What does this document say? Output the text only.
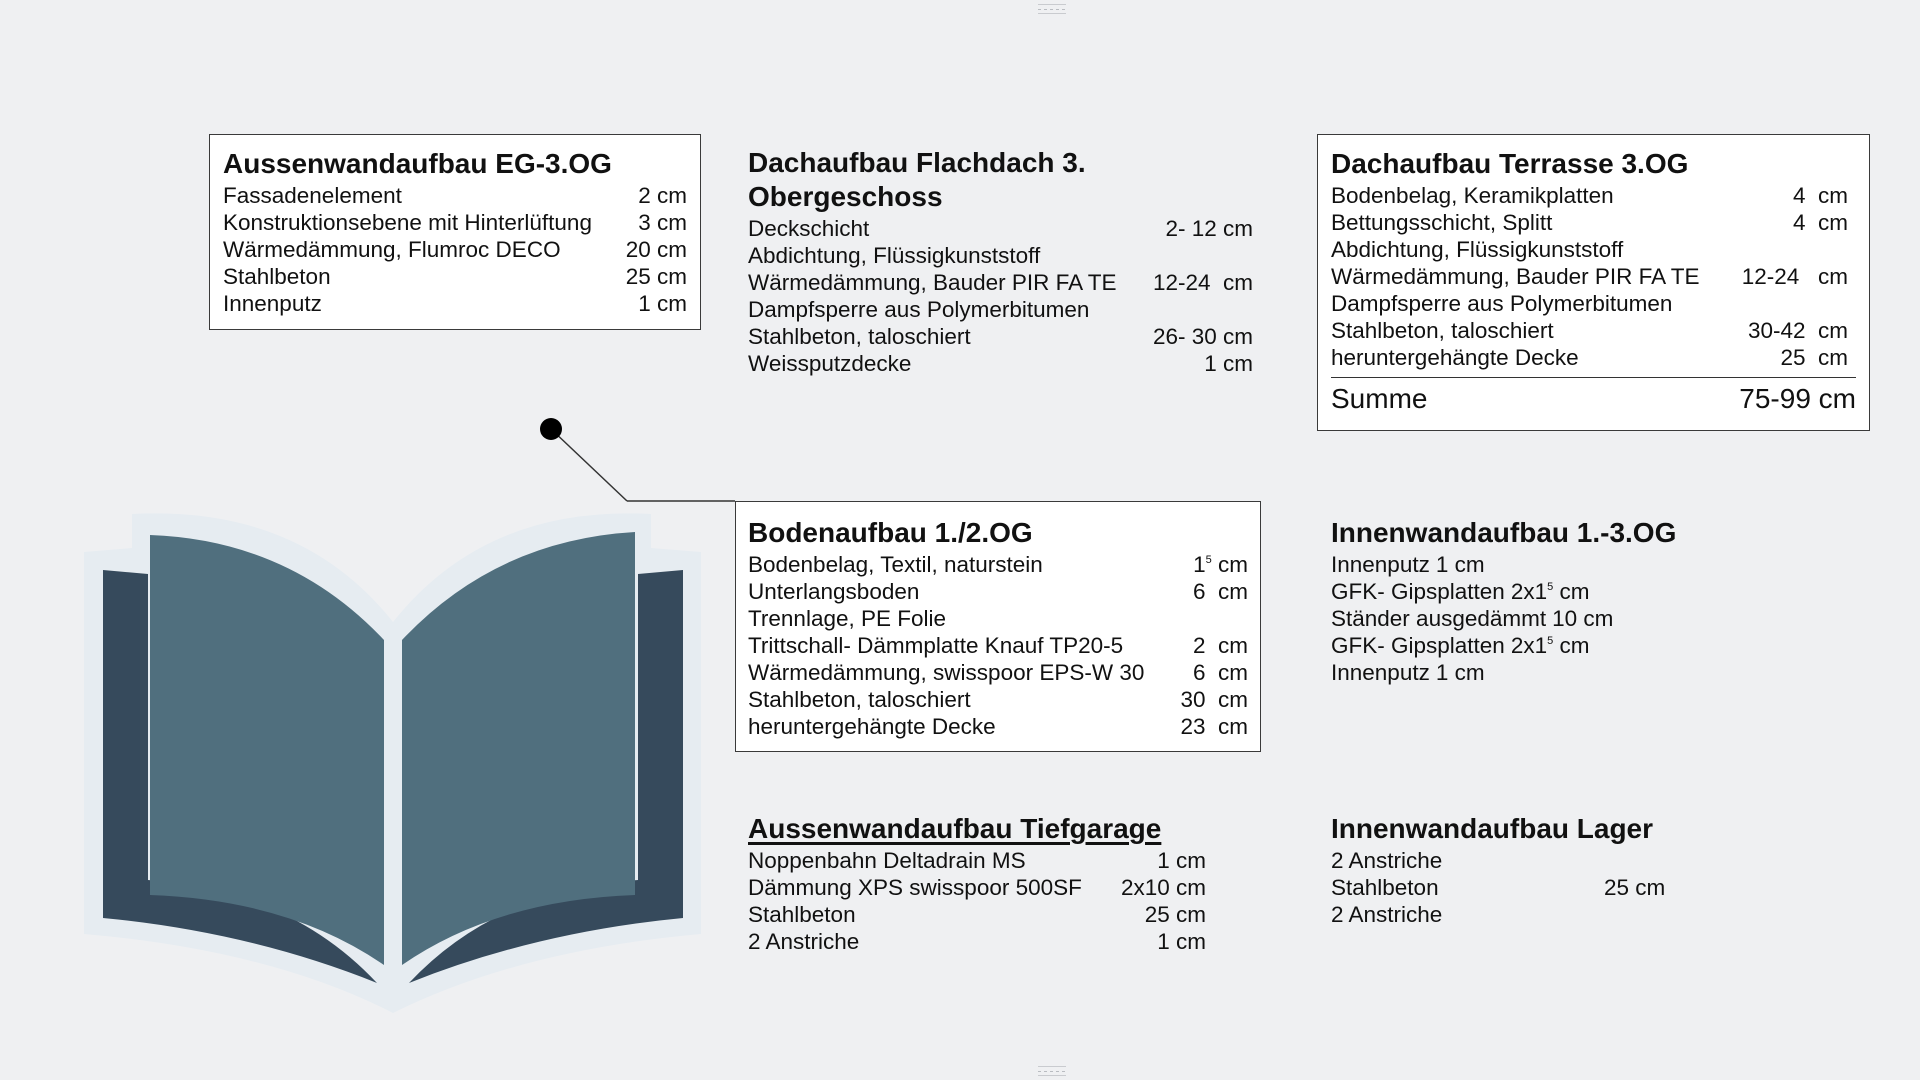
Aussenwandaufbau EG-3.OG
Fassadenelement	2 cm
Konstruktionsebene mit Hinterlüftung 3 cm
Wärmedämmung, Flumroc DECO	20 cm
Stahlbeton	25 cm
Innenputz	1 cm
Dachaufbau Flachdach 3. Obergeschoss
Deckschicht	2- 12 cm
Abdichtung, Flüssigkunststoff
Wärmedämmung, Bauder PIR FA TE 12-24  cm
Dampfsperre aus Polymerbitumen
Stahlbeton, taloschiert	26- 30 cm
Weissputzdecke	1 cm
Dachaufbau Terrasse 3.OG
Bodenbelag, Keramikplatten	4  cm
Bettungsschicht, Splitt	4  cm
Abdichtung, Flüssigkunststoff
Wärmedämmung, Bauder PIR FA TE 12-24   cm
Dampfsperre aus Polymerbitumen
Stahlbeton, taloschiert	30-42  cm
heruntergehängte Decke	25  cm
Summe	75-99 cm
Bodenaufbau 1./2.OG
Bodenbelag, Textil, naturstein	$1^5$ cm
Unterlangsboden	6  cm
Trennlage, PE Folie
Trittschall- Dämmplatte Knauf TP20-5	2  cm
Wärmedämmung, swisspoor EPS-W 30 6  cm
Stahlbeton, taloschiert	30  cm
heruntergehängte Decke	23  cm
Innenwandaufbau 1.-3.OG
Innenputz 1 cm
GFK- Gipsplatten $2x1^5$ cm
Ständer ausgedämmt 10 cm
GFK- Gipsplatten $2x1^5$ cm
Innenputz 1 cm
Aussenwandaufbau Tiefgarage
Noppenbahn Deltadrain MS	1 cm
Dämmung XPS swisspoor 500SF 2x10 cm
Stahlbeton	25 cm
2 Anstriche	1 cm
Innenwandaufbau Lager
2 Anstriche
Stahlbeton	25 cm
2 Anstriche
